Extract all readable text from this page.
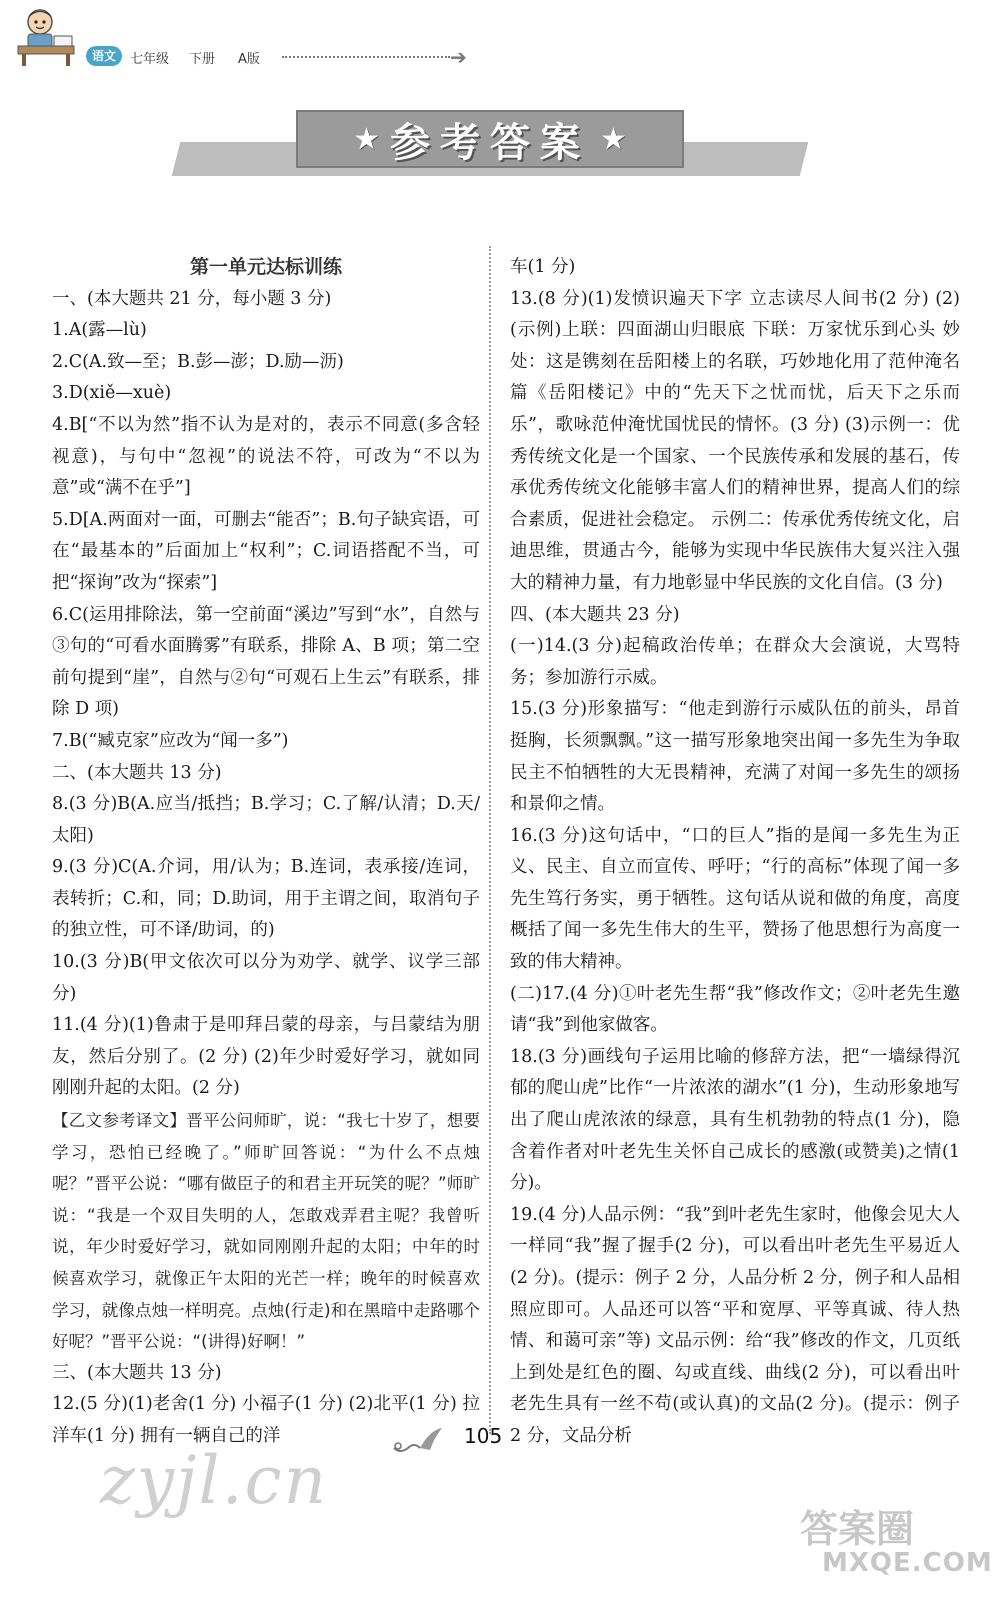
语文	七年级 下册 A版	➔
★ 参考答案 ★

第一单元达标训练

一、(本大题共 21 分，每小题 3 分)

1.A(露—lù)

2.C(A.致—至；B.彭—澎；D.励—沥)

3.D(xiě—xuè)

4.B[“不以为然”指不认为是对的，表示不同意(多含轻视意)，与句中“忽视”的说法不符，可改为“不以为意”或“满不在乎”]

5.D[A.两面对一面，可删去“能否”；B.句子缺宾语，可在“最基本的”后面加上“权利”；C.词语搭配不当，可把“探询”改为“探索”]

6.C(运用排除法，第一空前面“溪边”写到“水”，自然与③句的“可看水面腾雾”有联系，排除 A、B 项；第二空前句提到“崖”，自然与②句“可观石上生云”有联系，排除 D 项)

7.B(“臧克家”应改为“闻一多”)

二、(本大题共 13 分)

8.(3 分)B(A.应当/抵挡；B.学习；C.了解/认清；D.天/太阳)

9.(3 分)C(A.介词，用/认为；B.连词，表承接/连词，表转折；C.和，同；D.助词，用于主谓之间，取消句子的独立性，可不译/助词，的)

10.(3 分)B(甲文依次可以分为劝学、就学、议学三部分)

11.(4 分)(1)鲁肃于是叩拜吕蒙的母亲，与吕蒙结为朋友，然后分别了。(2 分) (2)年少时爱好学习，就如同刚刚升起的太阳。(2 分)

【乙文参考译文】晋平公问师旷，说：“我七十岁了，想要学习，恐怕已经晚了。”师旷回答说：“为什么不点烛呢？”晋平公说：“哪有做臣子的和君主开玩笑的呢？”师旷说：“我是一个双目失明的人，怎敢戏弄君主呢？我曾听说，年少时爱好学习，就如同刚刚升起的太阳；中年的时候喜欢学习，就像正午太阳的光芒一样；晚年的时候喜欢学习，就像点烛一样明亮。点烛(行走)和在黑暗中走路哪个好呢？”晋平公说：“(讲得)好啊！”

三、(本大题共 13 分)

12.(5 分)(1)老舍(1 分) 小福子(1 分) (2)北平(1 分) 拉洋车(1 分) 拥有一辆自己的洋

车(1 分)

13.(8 分)(1)发愤识遍天下字 立志读尽人间书(2 分) (2)(示例)上联：四面湖山归眼底 下联：万家忧乐到心头 妙处：这是镌刻在岳阳楼上的名联，巧妙地化用了范仲淹名篇《岳阳楼记》中的“先天下之忧而忧，后天下之乐而乐”，歌咏范仲淹忧国忧民的情怀。(3 分) (3)示例一：优秀传统文化是一个国家、一个民族传承和发展的基石，传承优秀传统文化能够丰富人们的精神世界，提高人们的综合素质，促进社会稳定。 示例二：传承优秀传统文化，启迪思维，贯通古今，能够为实现中华民族伟大复兴注入强大的精神力量，有力地彰显中华民族的文化自信。(3 分)

四、(本大题共 23 分)

(一)14.(3 分)起稿政治传单；在群众大会演说，大骂特务；参加游行示威。

15.(3 分)形象描写：“他走到游行示威队伍的前头，昂首挺胸，长须飘飘。”这一描写形象地突出闻一多先生为争取民主不怕牺牲的大无畏精神，充满了对闻一多先生的颂扬和景仰之情。

16.(3 分)这句话中，“口的巨人”指的是闻一多先生为正义、民主、自立而宣传、呼吁；“行的高标”体现了闻一多先生笃行务实，勇于牺牲。这句话从说和做的角度，高度概括了闻一多先生伟大的生平，赞扬了他思想行为高度一致的伟大精神。

(二)17.(4 分)①叶老先生帮“我”修改作文；②叶老先生邀请“我”到他家做客。

18.(3 分)画线句子运用比喻的修辞方法，把“一墙绿得沉郁的爬山虎”比作“一片浓浓的湖水”(1 分)，生动形象地写出了爬山虎浓浓的绿意，具有生机勃勃的特点(1 分)，隐含着作者对叶老先生关怀自己成长的感激(或赞美)之情(1 分)。

19.(4 分)人品示例：“我”到叶老先生家时，他像会见大人一样同“我”握了握手(2 分)，可以看出叶老先生平易近人(2 分)。(提示：例子 2 分，人品分析 2 分，例子和人品相照应即可。人品还可以答“平和宽厚、平等真诚、待人热情、和蔼可亲”等) 文品示例：给“我”修改的作文，几页纸上到处是红色的圈、勾或直线、曲线(2 分)，可以看出叶老先生具有一丝不苟(或认真)的文品(2 分)。(提示：例子 2 分，文品分析

105
zyjl.cn
答案圈
MXQE.COM
